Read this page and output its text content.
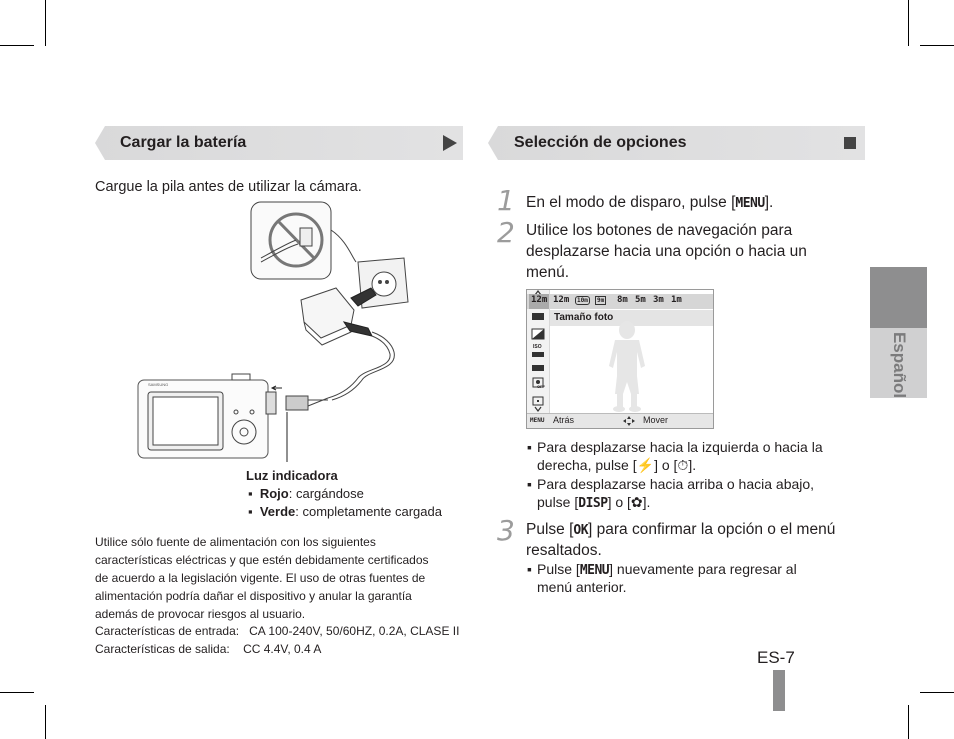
Cargar la batería
Cargue la pila antes de utilizar la cámara.
SAMSUNG
Luz indicadora
▪ Rojo: cargándose
▪ Verde: completamente cargada
Utilice sólo fuente de alimentación con los siguientes
características eléctricas y que estén debidamente certificados
de acuerdo a la legislación vigente. El uso de otras fuentes de
alimentación podría dañar el dispositivo y anular la garantía
además de provocar riesgos al usuario.
Características de entrada: CA 100-240V, 50/60HZ, 0.2A, CLASE II
Características de salida: CC 4.4V, 0.4 A
Selección de opciones
1 En el modo de disparo, pulse [MENU].
2 Utilice los botones de navegación para
desplazarse hacia una opción o hacia un
menú.
12m 12m	10m	9m 8m 5m 3m 1m
Tamaño foto
ISO
OFF
MENU Atrás	Mover
▪ Para desplazarse hacia la izquierda o hacia la
derecha, pulse [⚡] o [⏱].
▪ Para desplazarse hacia arriba o hacia abajo,
pulse [DISP] o [✿].
3 Pulse [OK] para confirmar la opción o el menú
resaltados.
▪ Pulse [MENU] nuevamente para regresar al
menú anterior.
Español
ES-7
